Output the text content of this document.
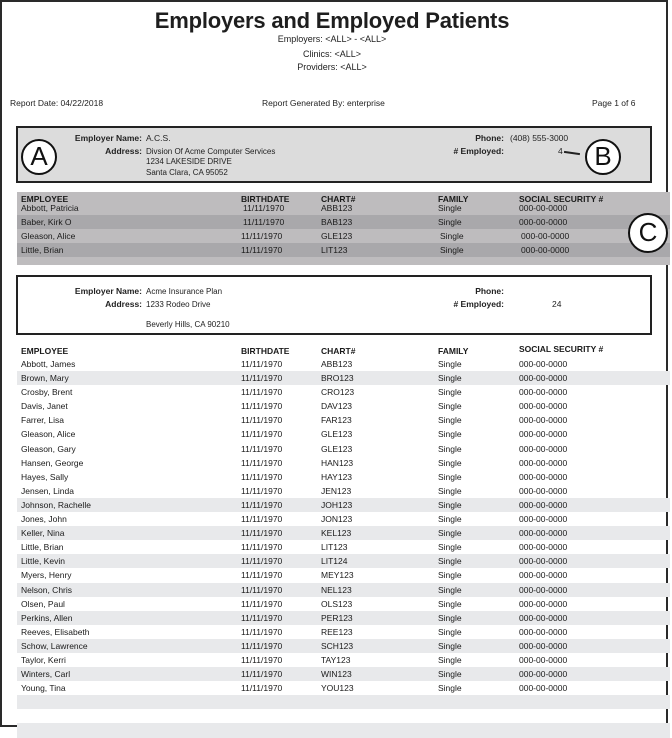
Employers and Employed Patients
Employers: <ALL> - <ALL>
Clinics: <ALL>
Providers: <ALL>
Report Date: 04/22/2018	Report Generated By: enterprise	Page 1 of 6
Employer Name: A.C.S.
Address: Divsion Of Acme Computer Services
1234 LAKESIDE DRIVE
Santa Clara, CA 95052
Phone: (408) 555-3000
# Employed:	4
EMPLOYEE	BIRTHDATE	CHART#	FAMILY	SOCIAL SECURITY #
Abbott, Patricia	11/11/1970	ABB123	Single	000-00-0000
Baber, Kirk O	11/11/1970	BAB123	Single	000-00-0000
Gleason, Alice	11/11/1970	GLE123	Single	000-00-0000
Little, Brian	11/11/1970	LIT123	Single	000-00-0000
Employer Name: Acme Insurance Plan
Address: 1233 Rodeo Drive
Beverly Hills, CA 90210
Phone:
# Employed:	24
EMPLOYEE	BIRTHDATE	CHART#	FAMILY	SOCIAL SECURITY #
Abbott, James	11/11/1970	ABB123	Single	000-00-0000
Brown, Mary	11/11/1970	BRO123	Single	000-00-0000
Crosby, Brent	11/11/1970	CRO123	Single	000-00-0000
Davis, Janet	11/11/1970	DAV123	Single	000-00-0000
Farrer, Lisa	11/11/1970	FAR123	Single	000-00-0000
Gleason, Alice	11/11/1970	GLE123	Single	000-00-0000
Gleason, Gary	11/11/1970	GLE123	Single	000-00-0000
Hansen, George	11/11/1970	HAN123	Single	000-00-0000
Hayes, Sally	11/11/1970	HAY123	Single	000-00-0000
Jensen, Linda	11/11/1970	JEN123	Single	000-00-0000
Johnson, Rachelle	11/11/1970	JOH123	Single	000-00-0000
Jones, John	11/11/1970	JON123	Single	000-00-0000
Keller, Nina	11/11/1970	KEL123	Single	000-00-0000
Little, Brian	11/11/1970	LIT123	Single	000-00-0000
Little, Kevin	11/11/1970	LIT124	Single	000-00-0000
Myers, Henry	11/11/1970	MEY123	Single	000-00-0000
Nelson, Chris	11/11/1970	NEL123	Single	000-00-0000
Olsen, Paul	11/11/1970	OLS123	Single	000-00-0000
Perkins, Allen	11/11/1970	PER123	Single	000-00-0000
Reeves, Elisabeth	11/11/1970	REE123	Single	000-00-0000
Schow, Lawrence	11/11/1970	SCH123	Single	000-00-0000
Taylor, Kerri	11/11/1970	TAY123	Single	000-00-0000
Winters, Carl	11/11/1970	WIN123	Single	000-00-0000
Young, Tina	11/11/1970	YOU123	Single	000-00-0000
A	B
C
